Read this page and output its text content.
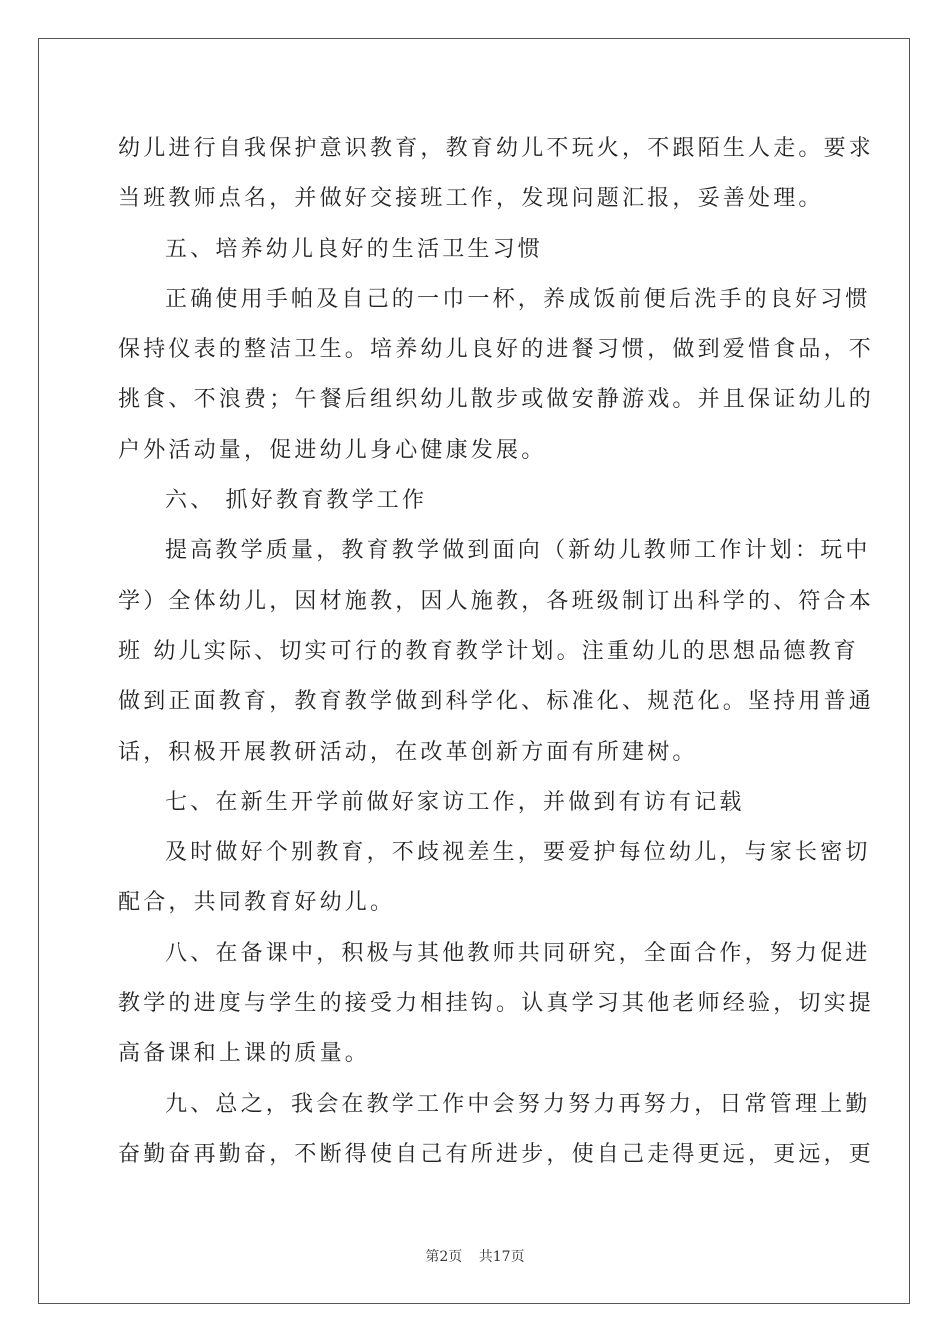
幼儿进行自我保护意识教育，教育幼儿不玩火，不跟陌生人走。要求
当班教师点名，并做好交接班工作，发现问题汇报，妥善处理。
五、培养幼儿良好的生活卫生习惯
正确使用手帕及自己的一巾一杯，养成饭前便后洗手的良好习惯
保持仪表的整洁卫生。培养幼儿良好的进餐习惯，做到爱惜食品，不
挑食、不浪费；午餐后组织幼儿散步或做安静游戏。并且保证幼儿的
户外活动量，促进幼儿身心健康发展。
六、 抓好教育教学工作
提高教学质量，教育教学做到面向（新幼儿教师工作计划：玩中
学）全体幼儿，因材施教，因人施教，各班级制订出科学的、符合本
班 幼儿实际、切实可行的教育教学计划。注重幼儿的思想品德教育
做到正面教育，教育教学做到科学化、标准化、规范化。坚持用普通
话，积极开展教研活动，在改革创新方面有所建树。
七、在新生开学前做好家访工作，并做到有访有记载
及时做好个别教育，不歧视差生，要爱护每位幼儿，与家长密切
配合，共同教育好幼儿。
八、在备课中，积极与其他教师共同研究，全面合作，努力促进
教学的进度与学生的接受力相挂钩。认真学习其他老师经验，切实提
高备课和上课的质量。
九、总之，我会在教学工作中会努力努力再努力，日常管理上勤
奋勤奋再勤奋，不断得使自己有所进步，使自己走得更远，更远，更
第2页 共17页
